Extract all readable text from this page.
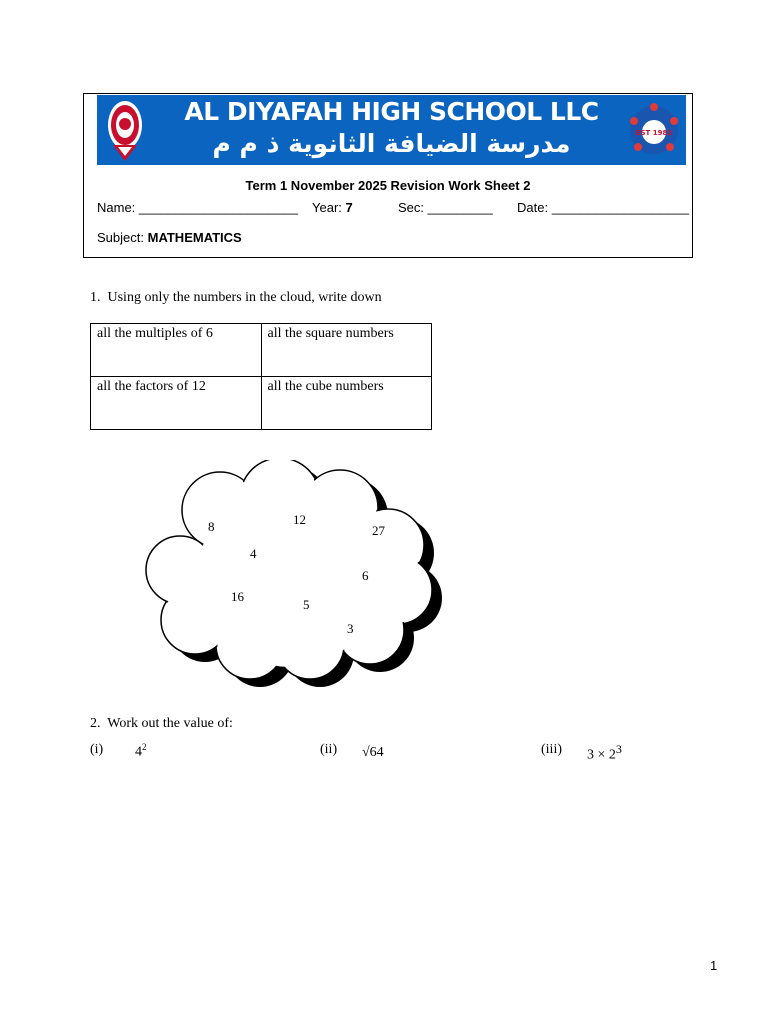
AL DIYAFAH HIGH SCHOOL LLC
مدرسة الضيافة الثانوية ذ م م	EST 1982
Term 1 November 2025 Revision Work Sheet 2
Name: ______________________ Year: 7	Sec: _________ Date: ___________________
Subject: MATHEMATICS
1. Using only the numbers in the cloud, write down
all the multiples of 6	all the square numbers
all the factors of 12	all the cube numbers
8	12
27
4
6
16
5
3
2. Work out the value of:
(i) $4^2$	(ii) √64	(iii) $3 \times 2^3$
1
